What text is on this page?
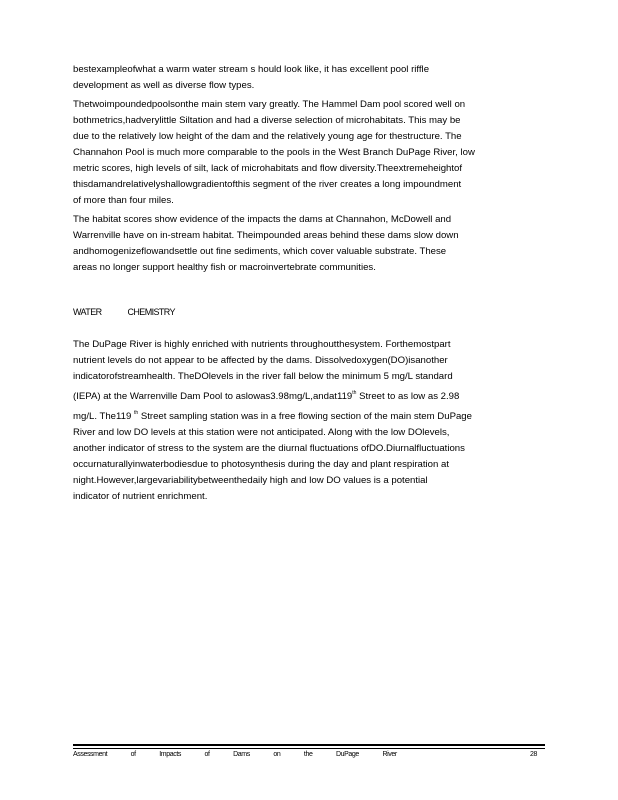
bestexampleofwhat a warm water stream s hould look like, it has excellent pool riffle
development as well as diverse flow types.
Thetwoimpoundedpoolsonthe main stem vary greatly. The Hammel Dam pool scored well on
bothmetrics,hadverylittle Siltation and had a diverse selection of microhabitats. This may be
due to the relatively low height of the dam and the relatively young age for thestructure. The
Channahon Pool is much more comparable to the pools in the West Branch DuPage River, low
metric scores, high levels of silt, lack of microhabitats and flow diversity.Theextremeheightof
thisdamandrelativelyshallowgradientofthis segment of the river creates a long impoundment
of more than four miles.
The habitat scores show evidence of the impacts the dams at Channahon, McDowell and
Warrenville have on in-stream habitat. Theimpounded areas behind these dams slow down
andhomogenizeflowandsettle out fine sediments, which cover valuable substrate. These
areas no longer support healthy fish or macroinvertebrate communities.
WATER	CHEMISTRY
The DuPage River is highly enriched with nutrients throughoutthesystem. Forthemostpart
nutrient levels do not appear to be affected by the dams. Dissolvedoxygen(DO)isanother
indicatorofstreamhealth. TheDOlevels in the river fall below the minimum 5 mg/L standard
(IEPA) at the Warrenville Dam Pool to aslowas3.98mg/L,andat119th Street to as low as 2.98
mg/L. The119 $^{th}$ Street sampling station was in a free flowing section of the main stem DuPage
River and low DO levels at this station were not anticipated. Along with the low DOlevels,
another indicator of stress to the system are the diurnal fluctuations ofDO.Diurnalfluctuations
occurnaturallyinwaterbodiesdue to photosynthesis during the day and plant respiration at
night.However,largevariabilitybetweenthedaily high and low DO values is a potential
indicator of nutrient enrichment.
Assessment	of	Impacts	of	Dams	on	the	DuPage	River	28
